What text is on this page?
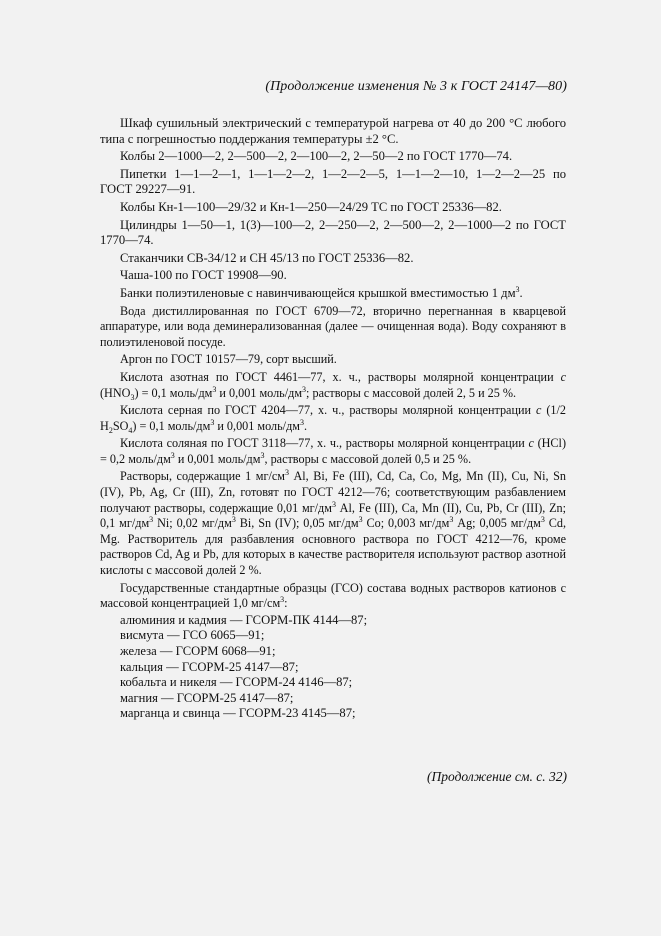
(Продолжение изменения № 3 к ГОСТ 24147—80)

Шкаф сушильный электрический с температурой нагрева от 40 до 200 °С любого типа с погрешностью поддержания температуры ±2 °С.

Колбы 2—1000—2, 2—500—2, 2—100—2, 2—50—2 по ГОСТ 1770—74.

Пипетки 1—1—2—1, 1—1—2—2, 1—2—2—5, 1—1—2—10, 1—2—2—25 по ГОСТ 29227—91.

Колбы Кн-1—100—29/32 и Кн-1—250—24/29 ТС по ГОСТ 25336—82.

Цилиндры 1—50—1, 1(3)—100—2, 2—250—2, 2—500—2, 2—1000—2 по ГОСТ 1770—74.

Стаканчики СВ-34/12 и СН 45/13 по ГОСТ 25336—82.

Чаша-100 по ГОСТ 19908—90.

Банки полиэтиленовые с навинчивающейся крышкой вместимостью 1 $дм^3$.

Вода дистиллированная по ГОСТ 6709—72, вторично перегнанная в кварцевой аппаратуре, или вода деминерализованная (далее — очищенная вода). Воду сохраняют в полиэтиленовой посуде.

Аргон по ГОСТ 10157—79, сорт высший.

Кислота азотная по ГОСТ 4461—77, х. ч., растворы молярной концентрации с $(HNO_3) = 0,1$ моль/$дм^3$ и 0,001 моль/$дм^3$; растворы с массовой долей 2, 5 и 25 %.

Кислота серная по ГОСТ 4204—77, х. ч., растворы молярной концентрации с (1/2 $H_2SO_4) = 0,1$ моль/$дм^3$ и 0,001 моль/$дм^3$.

Кислота соляная по ГОСТ 3118—77, х. ч., растворы молярной концентрации с (HCl) = 0,2 моль/$дм^3$ и 0,001 моль/$дм^3$, растворы с массовой долей 0,5 и 25 %.

Растворы, содержащие 1 $мг/см^3$ Al, Bi, Fe (III), Cd, Ca, Co, Mg, Mn (II), Cu, Ni, Sn (IV), Pb, Ag, Cr (III), Zn, готовят по ГОСТ 4212—76; соответствующим разбавлением получают растворы, содержащие 0,01 $мг/дм^3$ Al, Fe (III), Ca, Mn (II), Cu, Pb, Cr (III), Zn; 0,1 $мг/дм^3$ Ni; 0,02 $мг/дм^3$ Bi, Sn (IV); 0,05 $мг/дм^3$ Co; 0,003 $мг/дм^3$ Ag; 0,005 $мг/дм^3$ Cd, Mg. Растворитель для разбавления основного раствора по ГОСТ 4212—76, кроме растворов Cd, Ag и Pb, для которых в качестве растворителя используют раствор азотной кислоты с массовой долей 2 %.

Государственные стандартные образцы (ГСО) состава водных растворов катионов с массовой концентрацией 1,0 $мг/см^3$:

алюминия и кадмия — ГСОРМ-ПК 4144—87;
висмута — ГСО 6065—91;
железа — ГСОРМ 6068—91;
кальция — ГСОРМ-25 4147—87;
кобальта и никеля — ГСОРМ-24 4146—87;
магния — ГСОРМ-25 4147—87;
марганца и свинца — ГСОРМ-23 4145—87;
(Продолжение см. с. 32)
